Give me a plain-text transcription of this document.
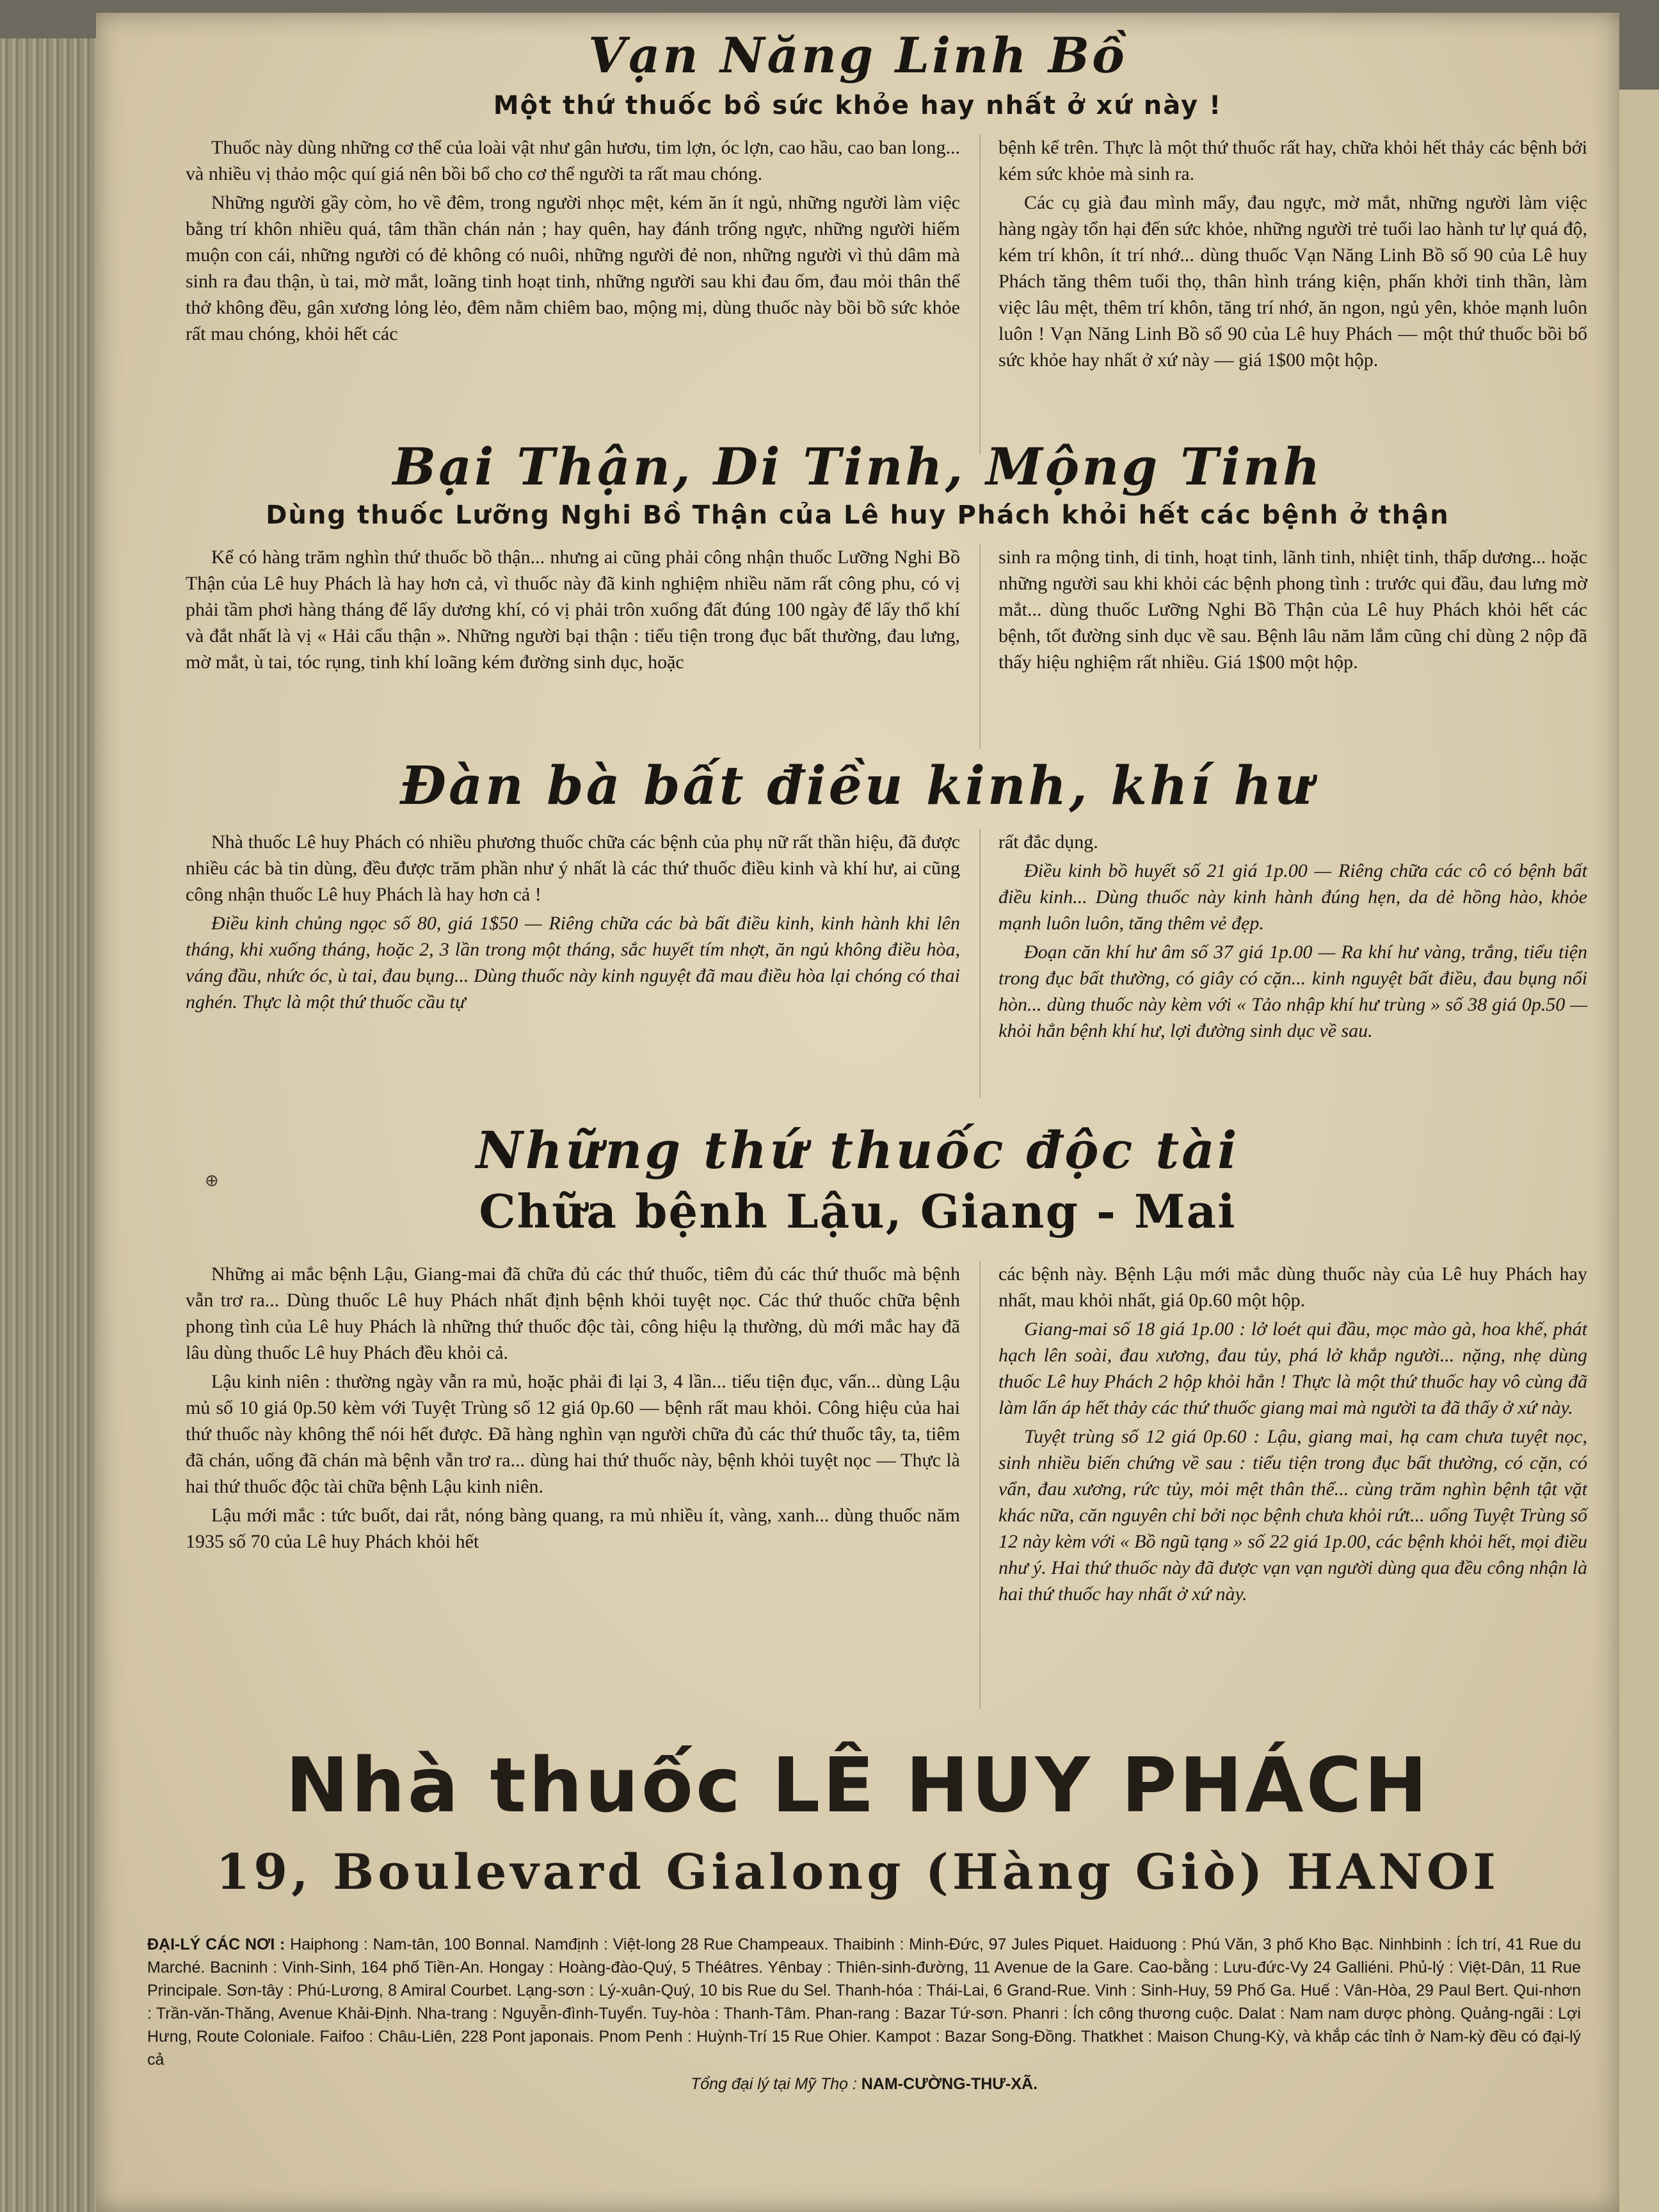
Vạn Năng Linh Bồ
Một thứ thuốc bồ sức khỏe hay nhất ở xứ này !

Thuốc này dùng những cơ thể của loài vật như gân hươu, tim lợn, óc lợn, cao hầu, cao ban long... và nhiều vị thảo mộc quí giá nên bồi bổ cho cơ thể người ta rất mau chóng.

Những người gầy còm, ho về đêm, trong người nhọc mệt, kém ăn ít ngủ, những người làm việc bằng trí khôn nhiều quá, tâm thần chán nản ; hay quên, hay đánh trống ngực, những người hiếm muộn con cái, những người có đẻ không có nuôi, những người đẻ non, những người vì thủ dâm mà sinh ra đau thận, ù tai, mờ mắt, loãng tinh hoạt tinh, những người sau khi đau ốm, đau mỏi thân thể thở không đều, gân xương lỏng lẻo, đêm nằm chiêm bao, mộng mị, dùng thuốc này bồi bồ sức khỏe rất mau chóng, khỏi hết các

bệnh kể trên. Thực là một thứ thuốc rất hay, chữa khỏi hết thảy các bệnh bởi kém sức khỏe mà sinh ra.

Các cụ già đau mình mẩy, đau ngực, mờ mắt, những người làm việc hàng ngày tổn hại đến sức khỏe, những người trẻ tuổi lao hành tư lự quá độ, kém trí khôn, ít trí nhớ... dùng thuốc Vạn Năng Linh Bồ số 90 của Lê huy Phách tăng thêm tuổi thọ, thân hình tráng kiện, phấn khởi tinh thần, làm việc lâu mệt, thêm trí khôn, tăng trí nhớ, ăn ngon, ngủ yên, khỏe mạnh luôn luôn ! Vạn Năng Linh Bồ số 90 của Lê huy Phách — một thứ thuốc bồi bổ sức khỏe hay nhất ở xứ này — giá 1$00 một hộp.

Bại Thận, Di Tinh, Mộng Tinh
Dùng thuốc Lưỡng Nghi Bồ Thận của Lê huy Phách khỏi hết các bệnh ở thận

Kể có hàng trăm nghìn thứ thuốc bồ thận... nhưng ai cũng phải công nhận thuốc Lưỡng Nghi Bồ Thận của Lê huy Phách là hay hơn cả, vì thuốc này đã kinh nghiệm nhiều năm rất công phu, có vị phải tầm phơi hàng tháng để lấy dương khí, có vị phải trôn xuống đất đúng 100 ngày để lấy thổ khí và đắt nhất là vị « Hải cẩu thận ». Những người bại thận : tiểu tiện trong đục bất thường, đau lưng, mờ mắt, ù tai, tóc rụng, tinh khí loãng kém đường sinh dục, hoặc

sinh ra mộng tinh, di tinh, hoạt tinh, lãnh tinh, nhiệt tinh, thấp dương... hoặc những người sau khi khỏi các bệnh phong tình : trước qui đầu, đau lưng mờ mắt... dùng thuốc Lưỡng Nghi Bồ Thận của Lê huy Phách khỏi hết các bệnh, tốt đường sinh dục về sau. Bệnh lâu năm lắm cũng chỉ dùng 2 nộp đã thấy hiệu nghiệm rất nhiều. Giá 1$00 một hộp.

Đàn bà bất điều kinh, khí hư

Nhà thuốc Lê huy Phách có nhiều phương thuốc chữa các bệnh của phụ nữ rất thần hiệu, đã được nhiều các bà tin dùng, đều được trăm phần như ý nhất là các thứ thuốc điều kinh và khí hư, ai cũng công nhận thuốc Lê huy Phách là hay hơn cả !

Điều kinh chủng ngọc số 80, giá 1$50 — Riêng chữa các bà bất điều kinh, kinh hành khi lên tháng, khi xuống tháng, hoặc 2, 3 lần trong một tháng, sắc huyết tím nhợt, ăn ngủ không điều hòa, váng đầu, nhức óc, ù tai, đau bụng... Dùng thuốc này kinh nguyệt đã mau điều hòa lại chóng có thai nghén. Thực là một thứ thuốc cầu tự

rất đắc dụng.

Điều kinh bồ huyết số 21 giá 1p.00 — Riêng chữa các cô có bệnh bất điều kinh... Dùng thuốc này kinh hành đúng hẹn, da dẻ hồng hào, khỏe mạnh luôn luôn, tăng thêm vẻ đẹp.

Đoạn căn khí hư âm số 37 giá 1p.00 — Ra khí hư vàng, trắng, tiểu tiện trong đục bất thường, có giây có cặn... kinh nguyệt bất điều, đau bụng nổi hòn... dùng thuốc này kèm với « Tảo nhập khí hư trùng » số 38 giá 0p.50 — khỏi hẳn bệnh khí hư, lợi đường sinh dục về sau.

⊕
Những thứ thuốc độc tài
Chữa bệnh Lậu, Giang - Mai

Những ai mắc bệnh Lậu, Giang-mai đã chữa đủ các thứ thuốc, tiêm đủ các thứ thuốc mà bệnh vẫn trơ ra... Dùng thuốc Lê huy Phách nhất định bệnh khỏi tuyệt nọc. Các thứ thuốc chữa bệnh phong tình của Lê huy Phách là những thứ thuốc độc tài, công hiệu lạ thường, dù mới mắc hay đã lâu dùng thuốc Lê huy Phách đều khỏi cả.

Lậu kinh niên : thường ngày vẫn ra mủ, hoặc phải đi lại 3, 4 lần... tiểu tiện đục, vẩn... dùng Lậu mủ số 10 giá 0p.50 kèm với Tuyệt Trùng số 12 giá 0p.60 — bệnh rất mau khỏi. Công hiệu của hai thứ thuốc này không thể nói hết được. Đã hàng nghìn vạn người chữa đủ các thứ thuốc tây, ta, tiêm đã chán, uống đã chán mà bệnh vẫn trơ ra... dùng hai thứ thuốc này, bệnh khỏi tuyệt nọc — Thực là hai thứ thuốc độc tài chữa bệnh Lậu kinh niên.

Lậu mới mắc : tức buốt, dai rắt, nóng bàng quang, ra mủ nhiều ít, vàng, xanh... dùng thuốc năm 1935 số 70 của Lê huy Phách khỏi hết

các bệnh này. Bệnh Lậu mới mắc dùng thuốc này của Lê huy Phách hay nhất, mau khỏi nhất, giá 0p.60 một hộp.

Giang-mai số 18 giá 1p.00 : lở loét qui đầu, mọc mào gà, hoa khế, phát hạch lên soài, đau xương, đau tủy, phá lở khắp người... nặng, nhẹ dùng thuốc Lê huy Phách 2 hộp khỏi hẳn ! Thực là một thứ thuốc hay vô cùng đã làm lấn áp hết thảy các thứ thuốc giang mai mà người ta đã thấy ở xứ này.

Tuyệt trùng số 12 giá 0p.60 : Lậu, giang mai, hạ cam chưa tuyệt nọc, sinh nhiều biến chứng về sau : tiểu tiện trong đục bất thường, có cặn, có vẩn, đau xương, rức tủy, mỏi mệt thân thể... cùng trăm nghìn bệnh tật vặt khác nữa, căn nguyên chỉ bởi nọc bệnh chưa khỏi rứt... uống Tuyệt Trùng số 12 này kèm với « Bồ ngũ tạng » số 22 giá 1p.00, các bệnh khỏi hết, mọi điều như ý. Hai thứ thuốc này đã được vạn vạn người dùng qua đều công nhận là hai thứ thuốc hay nhất ở xứ này.

Nhà thuốc LÊ HUY PHÁCH
19, Boulevard Gialong (Hàng Giò) HANOI
ĐẠI-LÝ CÁC NƠI : Haiphong : Nam-tân, 100 Bonnal. Namđịnh : Việt-long 28 Rue Champeaux. Thaibinh : Minh-Đức, 97 Jules Piquet. Haiduong : Phú Văn, 3 phố Kho Bạc. Ninhbinh : Ích trí, 41 Rue du Marché. Bacninh : Vinh-Sinh, 164 phố Tiền-An. Hongay : Hoàng-đào-Quý, 5 Théâtres. Yênbay : Thiên-sinh-đường, 11 Avenue de la Gare. Cao-bằng : Lưu-đức-Vy 24 Galliéni. Phủ-lý : Việt-Dân, 11 Rue Principale. Sơn-tây : Phú-Lương, 8 Amiral Courbet. Lạng-sơn : Lý-xuân-Quý, 10 bis Rue du Sel. Thanh-hóa : Thái-Lai, 6 Grand-Rue. Vinh : Sinh-Huy, 59 Phố Ga. Huế : Vân-Hòa, 29 Paul Bert. Qui-nhơn : Trần-văn-Thăng, Avenue Khải-Định. Nha-trang : Nguyễn-đình-Tuyển. Tuy-hòa : Thanh-Tâm. Phan-rang : Bazar Tứ-sơn. Phanri : Ích công thương cuộc. Dalat : Nam nam dược phòng. Quảng-ngãi : Lợi Hưng, Route Coloniale. Faifoo : Châu-Liên, 228 Pont japonais. Pnom Penh : Huỳnh-Trí 15 Rue Ohier. Kampot : Bazar Song-Đồng. Thatkhet : Maison Chung-Kỳ, và khắp các tỉnh ở Nam-kỳ đều có đại-lý cả
Tổng đại lý tại Mỹ Thọ : NAM-CƯỜNG-THƯ-XÃ.
